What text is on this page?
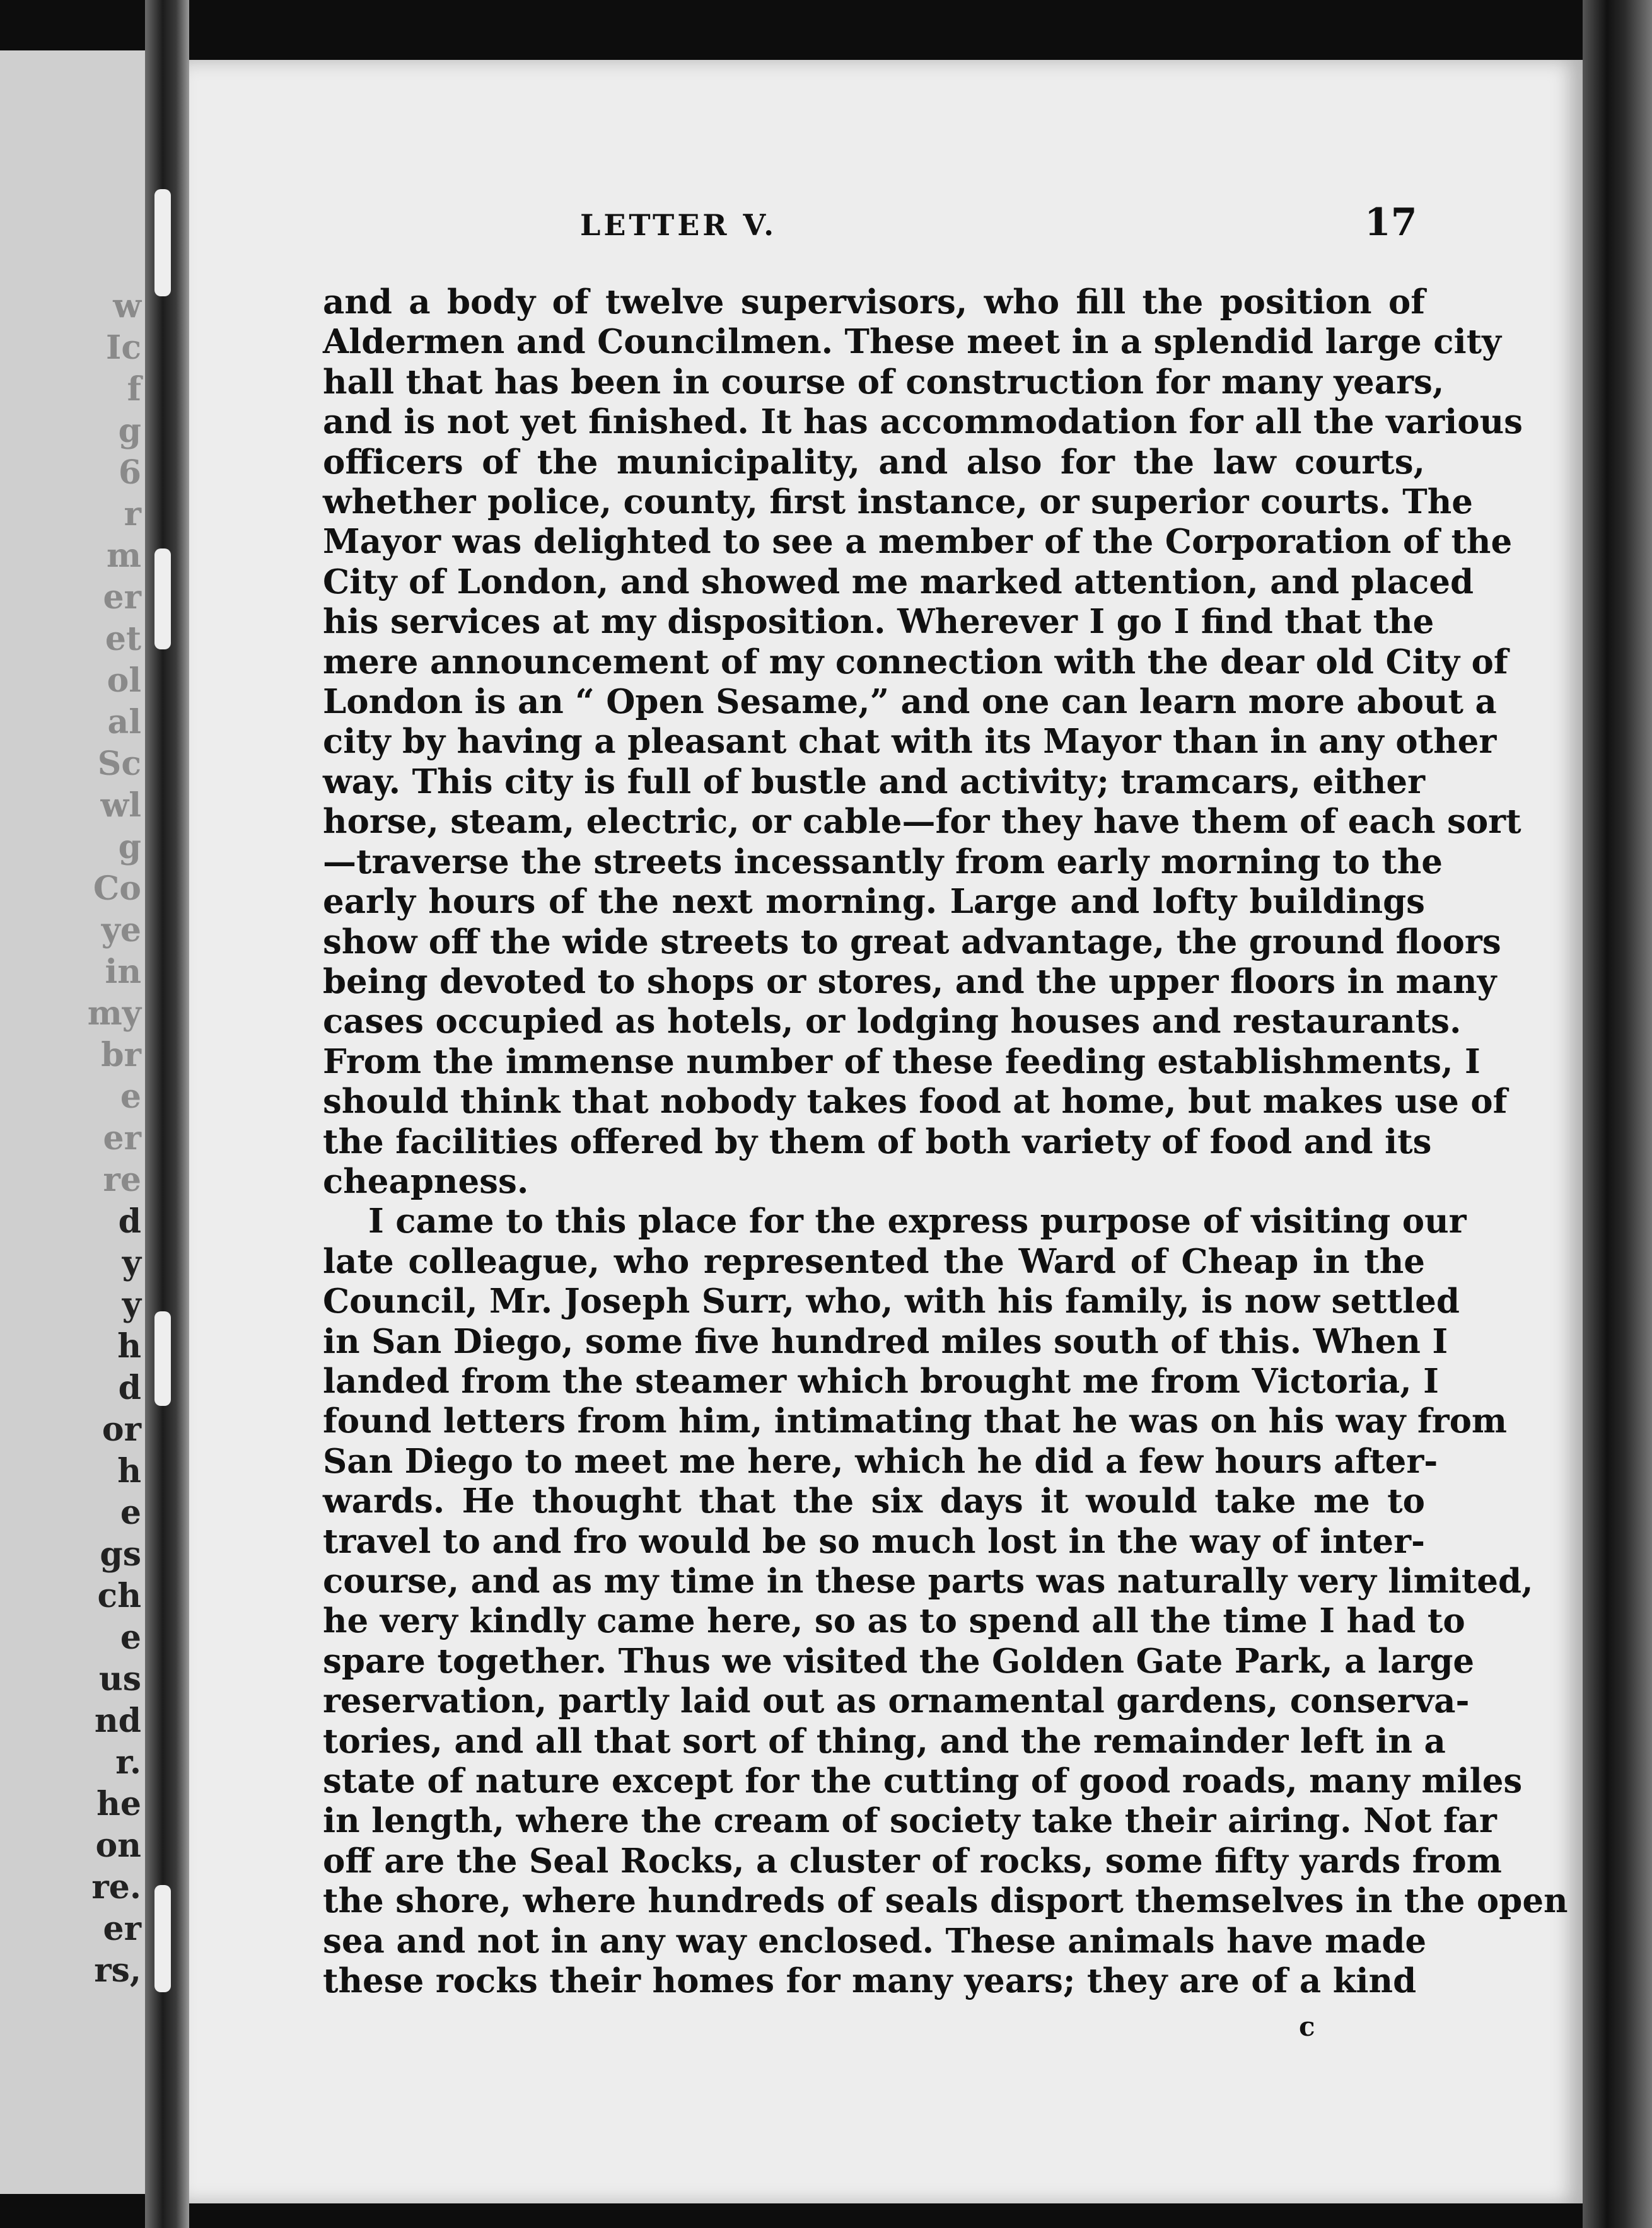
w
Ic
f
g
6
r
m
er
et
ol
al
Sc
wl
g
Co
ye
in
my
br
e
er
re
d
y
y
h
d
or
h
e
gs
ch
e
us
nd
r.
he
on
re.
er
rs,
LETTER V.	17
and a body of twelve supervisors, who fill the position of
Aldermen and Councilmen. These meet in a splendid large city
hall that has been in course of construction for many years,
and is not yet finished. It has accommodation for all the various
officers of the municipality, and also for the law courts,
whether police, county, first instance, or superior courts. The
Mayor was delighted to see a member of the Corporation of the
City of London, and showed me marked attention, and placed
his services at my disposition. Wherever I go I find that the
mere announcement of my connection with the dear old City of
London is an “ Open Sesame,” and one can learn more about a
city by having a pleasant chat with its Mayor than in any other
way. This city is full of bustle and activity; tramcars, either
horse, steam, electric, or cable—for they have them of each sort
—traverse the streets incessantly from early morning to the
early hours of the next morning. Large and lofty buildings
show off the wide streets to great advantage, the ground floors
being devoted to shops or stores, and the upper floors in many
cases occupied as hotels, or lodging houses and restaurants.
From the immense number of these feeding establishments, I
should think that nobody takes food at home, but makes use of
the facilities offered by them of both variety of food and its
cheapness.
I came to this place for the express purpose of visiting our
late colleague, who represented the Ward of Cheap in the
Council, Mr. Joseph Surr, who, with his family, is now settled
in San Diego, some five hundred miles south of this. When I
landed from the steamer which brought me from Victoria, I
found letters from him, intimating that he was on his way from
San Diego to meet me here, which he did a few hours after-
wards. He thought that the six days it would take me to
travel to and fro would be so much lost in the way of inter-
course, and as my time in these parts was naturally very limited,
he very kindly came here, so as to spend all the time I had to
spare together. Thus we visited the Golden Gate Park, a large
reservation, partly laid out as ornamental gardens, conserva-
tories, and all that sort of thing, and the remainder left in a
state of nature except for the cutting of good roads, many miles
in length, where the cream of society take their airing. Not far
off are the Seal Rocks, a cluster of rocks, some fifty yards from
the shore, where hundreds of seals disport themselves in the open
sea and not in any way enclosed. These animals have made
these rocks their homes for many years; they are of a kind
c
